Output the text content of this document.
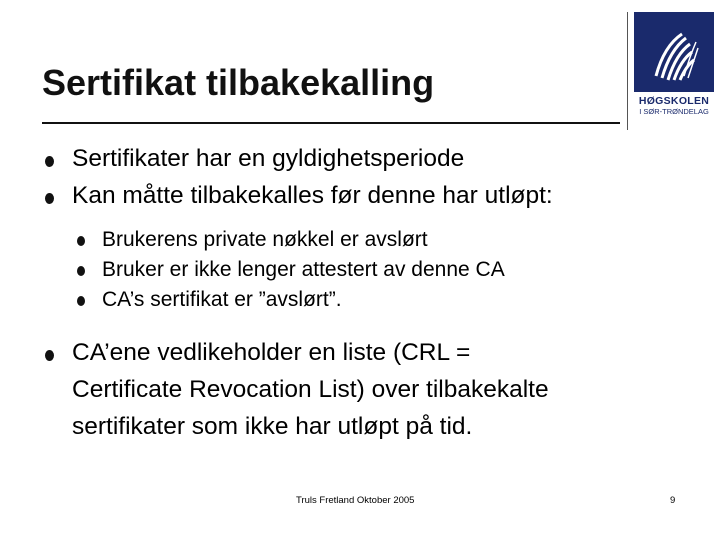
Sertifikat tilbakekalling	HØGSKOLEN
I SØR-TRØNDELAG
Sertifikater har en gyldighetsperiode
Kan måtte tilbakekalles før denne har utløpt:
Brukerens private nøkkel er avslørt
Bruker er ikke lenger attestert av denne CA
CA’s sertifikat er ”avslørt”.
CA’ene vedlikeholder en liste (CRL =
Certificate Revocation List) over tilbakekalte
sertifikater som ikke har utløpt på tid.
Truls Fretland Oktober 2005	9
